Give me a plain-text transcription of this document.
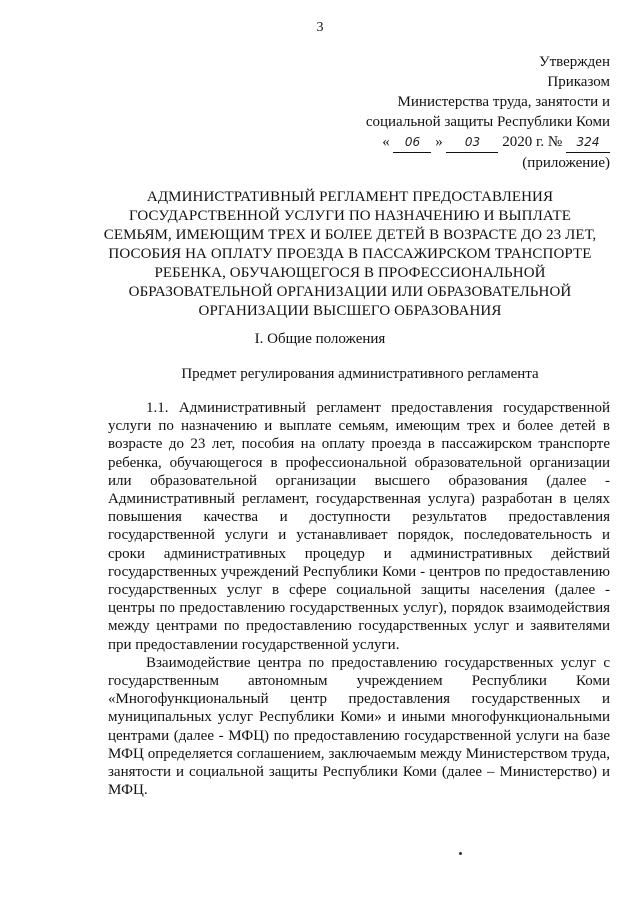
3
Утвержден
Приказом
Министерства труда, занятости и
социальной защиты Республики Коми
« 06 » 03 2020 г. № 324
(приложение)
АДМИНИСТРАТИВНЫЙ РЕГЛАМЕНТ ПРЕДОСТАВЛЕНИЯ
ГОСУДАРСТВЕННОЙ УСЛУГИ ПО НАЗНАЧЕНИЮ И ВЫПЛАТЕ
СЕМЬЯМ, ИМЕЮЩИМ ТРЕХ И БОЛЕЕ ДЕТЕЙ В ВОЗРАСТЕ ДО 23 ЛЕТ,
ПОСОБИЯ НА ОПЛАТУ ПРОЕЗДА В ПАССАЖИРСКОМ ТРАНСПОРТЕ
РЕБЕНКА, ОБУЧАЮЩЕГОСЯ В ПРОФЕССИОНАЛЬНОЙ
ОБРАЗОВАТЕЛЬНОЙ ОРГАНИЗАЦИИ ИЛИ ОБРАЗОВАТЕЛЬНОЙ
ОРГАНИЗАЦИИ ВЫСШЕГО ОБРАЗОВАНИЯ
I. Общие положения
Предмет регулирования административного регламента

1.1. Административный регламент предоставления государственной услуги по назначению и выплате семьям, имеющим трех и более детей в возрасте до 23 лет, пособия на оплату проезда в пассажирском транспорте ребенка, обучающегося в профессиональной образовательной организации или образовательной организации высшего образования (далее - Административный регламент, государственная услуга) разработан в целях повышения качества и доступности результатов предоставления государственной услуги и устанавливает порядок, последовательность и сроки административных процедур и административных действий государственных учреждений Республики Коми - центров по предоставлению государственных услуг в сфере социальной защиты населения (далее - центры по предоставлению государственных услуг), порядок взаимодействия между центрами по предоставлению государственных услуг и заявителями при предоставлении государственной услуги.

Взаимодействие центра по предоставлению государственных услуг с государственным автономным учреждением Республики Коми «Многофункциональный центр предоставления государственных и муниципальных услуг Республики Коми» и иными многофункциональными центрами (далее - МФЦ) по предоставлению государственной услуги на базе МФЦ определяется соглашением, заключаемым между Министерством труда, занятости и социальной защиты Республики Коми (далее – Министерство) и МФЦ.
